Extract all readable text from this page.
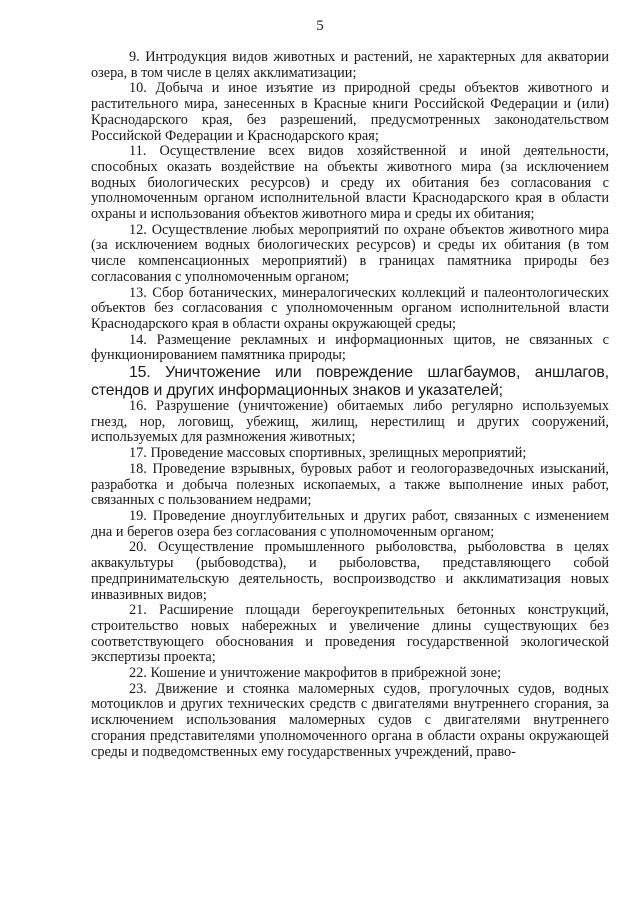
5

9. Интродукция видов животных и растений, не характерных для акватории озера, в том числе в целях акклиматизации;

10. Добыча и иное изъятие из природной среды объектов животного и растительного мира, занесенных в Красные книги Российской Федерации и (или) Краснодарского края, без разрешений, предусмотренных законодательством Российской Федерации и Краснодарского края;

11. Осуществление всех видов хозяйственной и иной деятельности, способных оказать воздействие на объекты животного мира (за исключением водных биологических ресурсов) и среду их обитания без согласования с уполномоченным органом исполнительной власти Краснодарского края в области охраны и использования объектов животного мира и среды их обитания;

12. Осуществление любых мероприятий по охране объектов животного мира (за исключением водных биологических ресурсов) и среды их обитания (в том числе компенсационных мероприятий) в границах памятника природы без согласования с уполномоченным органом;

13. Сбор ботанических, минералогических коллекций и палеонтологических объектов без согласования с уполномоченным органом исполнительной власти Краснодарского края в области охраны окружающей среды;

14. Размещение рекламных и информационных щитов, не связанных с функционированием памятника природы;

15. Уничтожение или повреждение шлагбаумов, аншлагов, стендов и других информационных знаков и указателей;

16. Разрушение (уничтожение) обитаемых либо регулярно используемых гнезд, нор, логовищ, убежищ, жилищ, нерестилищ и других сооружений, используемых для размножения животных;

17. Проведение массовых спортивных, зрелищных мероприятий;

18. Проведение взрывных, буровых работ и геологоразведочных изысканий, разработка и добыча полезных ископаемых, а также выполнение иных работ, связанных с пользованием недрами;

19. Проведение дноуглубительных и других работ, связанных с изменением дна и берегов озера без согласования с уполномоченным органом;

20. Осуществление промышленного рыболовства, рыболовства в целях аквакультуры (рыбоводства), и рыболовства, представляющего собой предпринимательскую деятельность, воспроизводство и акклиматизация новых инвазивных видов;

21. Расширение площади берегоукрепительных бетонных конструкций, строительство новых набережных и увеличение длины существующих без соответствующего обоснования и проведения государственной экологической экспертизы проекта;

22. Кошение и уничтожение макрофитов в прибрежной зоне;

23. Движение и стоянка маломерных судов, прогулочных судов, водных мотоциклов и других технических средств с двигателями внутреннего сгорания, за исключением использования маломерных судов с двигателями внутреннего сгорания представителями уполномоченного органа в области охраны окружающей среды и подведомственных ему государственных учреждений, право-
